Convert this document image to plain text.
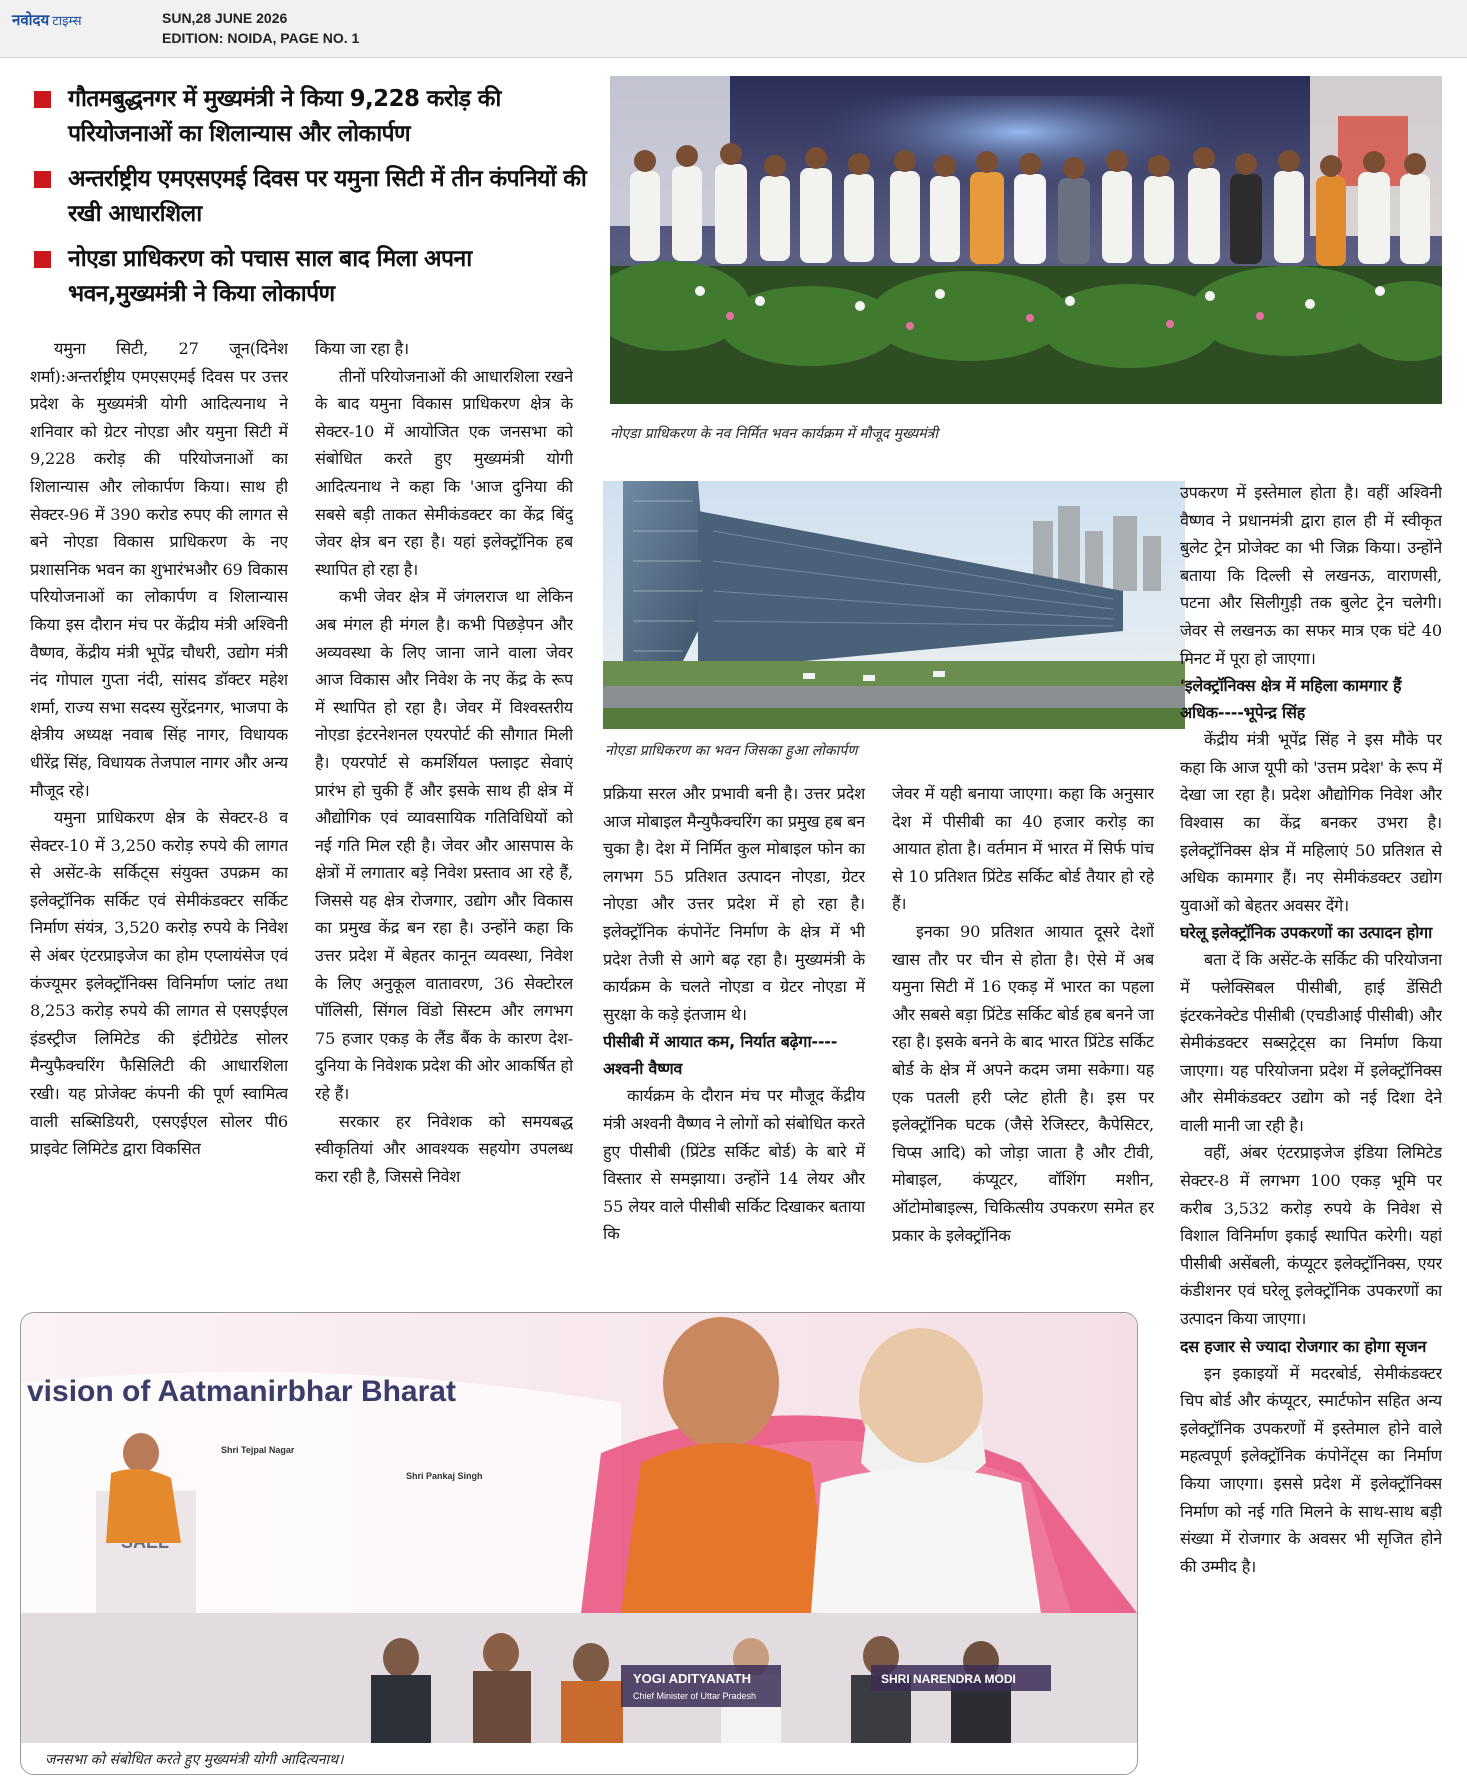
नवोदय टाइम्स	SUN,28 JUNE 2026
EDITION: NOIDA, PAGE NO. 1
गौतमबुद्धनगर में मुख्यमंत्री ने किया 9,228 करोड़ की परियोजनाओं का शिलान्यास और लोकार्पण
अन्तर्राष्ट्रीय एमएसएमई दिवस पर यमुना सिटी में तीन कंपनियों की रखी आधारशिला
नोएडा प्राधिकरण को पचास साल बाद मिला अपना भवन,मुख्यमंत्री ने किया लोकार्पण
नोएडा प्राधिकरण के नव निर्मित भवन कार्यक्रम में मौजूद मुख्यमंत्री
नोएडा प्राधिकरण का भवन जिसका हुआ लोकार्पण

यमुना सिटी, 27 जून(दिनेश शर्मा):अन्तर्राष्ट्रीय एमएसएमई दिवस पर उत्तर प्रदेश के मुख्यमंत्री योगी आदित्यनाथ ने शनिवार को ग्रेटर नोएडा और यमुना सिटी में 9,228 करोड़ की परियोजनाओं का शिलान्यास और लोकार्पण किया। साथ ही सेक्टर-96 में 390 करोड रुपए की लागत से बने नोएडा विकास प्राधिकरण के नए प्रशासनिक भवन का शुभारंभऔर 69 विकास परियोजनाओं का लोकार्पण व शिलान्यास किया इस दौरान मंच पर केंद्रीय मंत्री अश्विनी वैष्णव, केंद्रीय मंत्री भूपेंद्र चौधरी, उद्योग मंत्री नंद गोपाल गुप्ता नंदी, सांसद डॉक्टर महेश शर्मा, राज्य सभा सदस्य सुरेंद्रनगर, भाजपा के क्षेत्रीय अध्यक्ष नवाब सिंह नागर, विधायक धीरेंद्र सिंह, विधायक तेजपाल नागर और अन्य मौजूद रहे।

यमुना प्राधिकरण क्षेत्र के सेक्टर-8 व सेक्टर-10 में 3,250 करोड़ रुपये की लागत से असेंट-के सर्किट्स संयुक्त उपक्रम का इलेक्ट्रॉनिक सर्किट एवं सेमीकंडक्टर सर्किट निर्माण संयंत्र, 3,520 करोड़ रुपये के निवेश से अंबर एंटरप्राइजेज का होम एप्लायंसेज एवं कंज्यूमर इलेक्ट्रॉनिक्स विनिर्माण प्लांट तथा 8,253 करोड़ रुपये की लागत से एसएईएल इंडस्ट्रीज लिमिटेड की इंटीग्रेटेड सोलर मैन्युफैक्चरिंग फैसिलिटी की आधारशिला रखी। यह प्रोजेक्ट कंपनी की पूर्ण स्वामित्व वाली सब्सिडियरी, एसएईएल सोलर पी6 प्राइवेट लिमिटेड द्वारा विकसित

किया जा रहा है।

तीनों परियोजनाओं की आधारशिला रखने के बाद यमुना विकास प्राधिकरण क्षेत्र के सेक्टर-10 में आयोजित एक जनसभा को संबोधित करते हुए मुख्यमंत्री योगी आदित्यनाथ ने कहा कि 'आज दुनिया की सबसे बड़ी ताकत सेमीकंडक्टर का केंद्र बिंदु जेवर क्षेत्र बन रहा है। यहां इलेक्ट्रॉनिक हब स्थापित हो रहा है।

कभी जेवर क्षेत्र में जंगलराज था लेकिन अब मंगल ही मंगल है। कभी पिछड़ेपन और अव्यवस्था के लिए जाना जाने वाला जेवर आज विकास और निवेश के नए केंद्र के रूप में स्थापित हो रहा है। जेवर में विश्वस्तरीय नोएडा इंटरनेशनल एयरपोर्ट की सौगात मिली है। एयरपोर्ट से कमर्शियल फ्लाइट सेवाएं प्रारंभ हो चुकी हैं और इसके साथ ही क्षेत्र में औद्योगिक एवं व्यावसायिक गतिविधियों को नई गति मिल रही है। जेवर और आसपास के क्षेत्रों में लगातार बड़े निवेश प्रस्ताव आ रहे हैं, जिससे यह क्षेत्र रोजगार, उद्योग और विकास का प्रमुख केंद्र बन रहा है। उन्होंने कहा कि उत्तर प्रदेश में बेहतर कानून व्यवस्था, निवेश के लिए अनुकूल वातावरण, 36 सेक्टोरल पॉलिसी, सिंगल विंडो सिस्टम और लगभग 75 हजार एकड़ के लैंड बैंक के कारण देश-दुनिया के निवेशक प्रदेश की ओर आकर्षित हो रहे हैं।

सरकार हर निवेशक को समयबद्ध स्वीकृतियां और आवश्यक सहयोग उपलब्ध करा रही है, जिससे निवेश

प्रक्रिया सरल और प्रभावी बनी है। उत्तर प्रदेश आज मोबाइल मैन्युफैक्चरिंग का प्रमुख हब बन चुका है। देश में निर्मित कुल मोबाइल फोन का लगभग 55 प्रतिशत उत्पादन नोएडा, ग्रेटर नोएडा और उत्तर प्रदेश में हो रहा है। इलेक्ट्रॉनिक कंपोनेंट निर्माण के क्षेत्र में भी प्रदेश तेजी से आगे बढ़ रहा है। मुख्यमंत्री के कार्यक्रम के चलते नोएडा व ग्रेटर नोएडा में सुरक्षा के कड़े इंतजाम थे।

पीसीबी में आयात कम, निर्यात बढ़ेगा----अश्वनी वैष्णव

कार्यक्रम के दौरान मंच पर मौजूद केंद्रीय मंत्री अश्वनी वैष्णव ने लोगों को संबोधित करते हुए पीसीबी (प्रिंटेड सर्किट बोर्ड) के बारे में विस्तार से समझाया। उन्होंने 14 लेयर और 55 लेयर वाले पीसीबी सर्किट दिखाकर बताया कि

जेवर में यही बनाया जाएगा। कहा कि अनुसार देश में पीसीबी का 40 हजार करोड़ का आयात होता है। वर्तमान में भारत में सिर्फ पांच से 10 प्रतिशत प्रिंटेड सर्किट बोर्ड तैयार हो रहे हैं।

इनका 90 प्रतिशत आयात दूसरे देशों खास तौर पर चीन से होता है। ऐसे में अब यमुना सिटी में 16 एकड़ में भारत का पहला और सबसे बड़ा प्रिंटेड सर्किट बोर्ड हब बनने जा रहा है। इसके बनने के बाद भारत प्रिंटेड सर्किट बोर्ड के क्षेत्र में अपने कदम जमा सकेगा। यह एक पतली हरी प्लेट होती है। इस पर इलेक्ट्रॉनिक घटक (जैसे रेजिस्टर, कैपेसिटर, चिप्स आदि) को जोड़ा जाता है और टीवी, मोबाइल, कंप्यूटर, वॉशिंग मशीन, ऑटोमोबाइल्स, चिकित्सीय उपकरण समेत हर प्रकार के इलेक्ट्रॉनिक

उपकरण में इस्तेमाल होता है। वहीं अश्विनी वैष्णव ने प्रधानमंत्री द्वारा हाल ही में स्वीकृत बुलेट ट्रेन प्रोजेक्ट का भी जिक्र किया। उन्होंने बताया कि दिल्ली से लखनऊ, वाराणसी, पटना और सिलीगुड़ी तक बुलेट ट्रेन चलेगी। जेवर से लखनऊ का सफर मात्र एक घंटे 40 मिनट में पूरा हो जाएगा।

'इलेक्ट्रॉनिक्स क्षेत्र में महिला कामगार हैं अधिक----भूपेन्द्र सिंह

केंद्रीय मंत्री भूपेंद्र सिंह ने इस मौके पर कहा कि आज यूपी को 'उत्तम प्रदेश' के रूप में देखा जा रहा है। प्रदेश औद्योगिक निवेश और विश्वास का केंद्र बनकर उभरा है। इलेक्ट्रॉनिक्स क्षेत्र में महिलाएं 50 प्रतिशत से अधिक कामगार हैं। नए सेमीकंडक्टर उद्योग युवाओं को बेहतर अवसर देंगे।

घरेलू इलेक्ट्रॉनिक उपकरणों का उत्पादन होगा

बता दें कि असेंट-के सर्किट की परियोजना में फ्लेक्सिबल पीसीबी, हाई डेंसिटी इंटरकनेक्टेड पीसीबी (एचडीआई पीसीबी) और सेमीकंडक्टर सब्सट्रेट्स का निर्माण किया जाएगा। यह परियोजना प्रदेश में इलेक्ट्रॉनिक्स और सेमीकंडक्टर उद्योग को नई दिशा देने वाली मानी जा रही है।

वहीं, अंबर एंटरप्राइजेज इंडिया लिमिटेड सेक्टर-8 में लगभग 100 एकड़ भूमि पर करीब 3,532 करोड़ रुपये के निवेश से विशाल विनिर्माण इकाई स्थापित करेगी। यहां पीसीबी असेंबली, कंप्यूटर इलेक्ट्रॉनिक्स, एयर कंडीशनर एवं घरेलू इलेक्ट्रॉनिक उपकरणों का उत्पादन किया जाएगा।

दस हजार से ज्यादा रोजगार का होगा सृजन

इन इकाइयों में मदरबोर्ड, सेमीकंडक्टर चिप बोर्ड और कंप्यूटर, स्मार्टफोन सहित अन्य इलेक्ट्रॉनिक उपकरणों में इस्तेमाल होने वाले महत्वपूर्ण इलेक्ट्रॉनिक कंपोनेंट्स का निर्माण किया जाएगा। इससे प्रदेश में इलेक्ट्रॉनिक्स निर्माण को नई गति मिलने के साथ-साथ बड़ी संख्या में रोजगार के अवसर भी सृजित होने की उम्मीद है।

vision of Aatmanirbhar Bharat
Shri Tejpal Nagar
Shri Pankaj Singh
YOGI ADITYANATH
Chief Minister of Uttar Pradesh
SHRI NARENDRA MODI
जनसभा को संबोधित करते हुए मुख्यमंत्री योगी आदित्यनाथ।
